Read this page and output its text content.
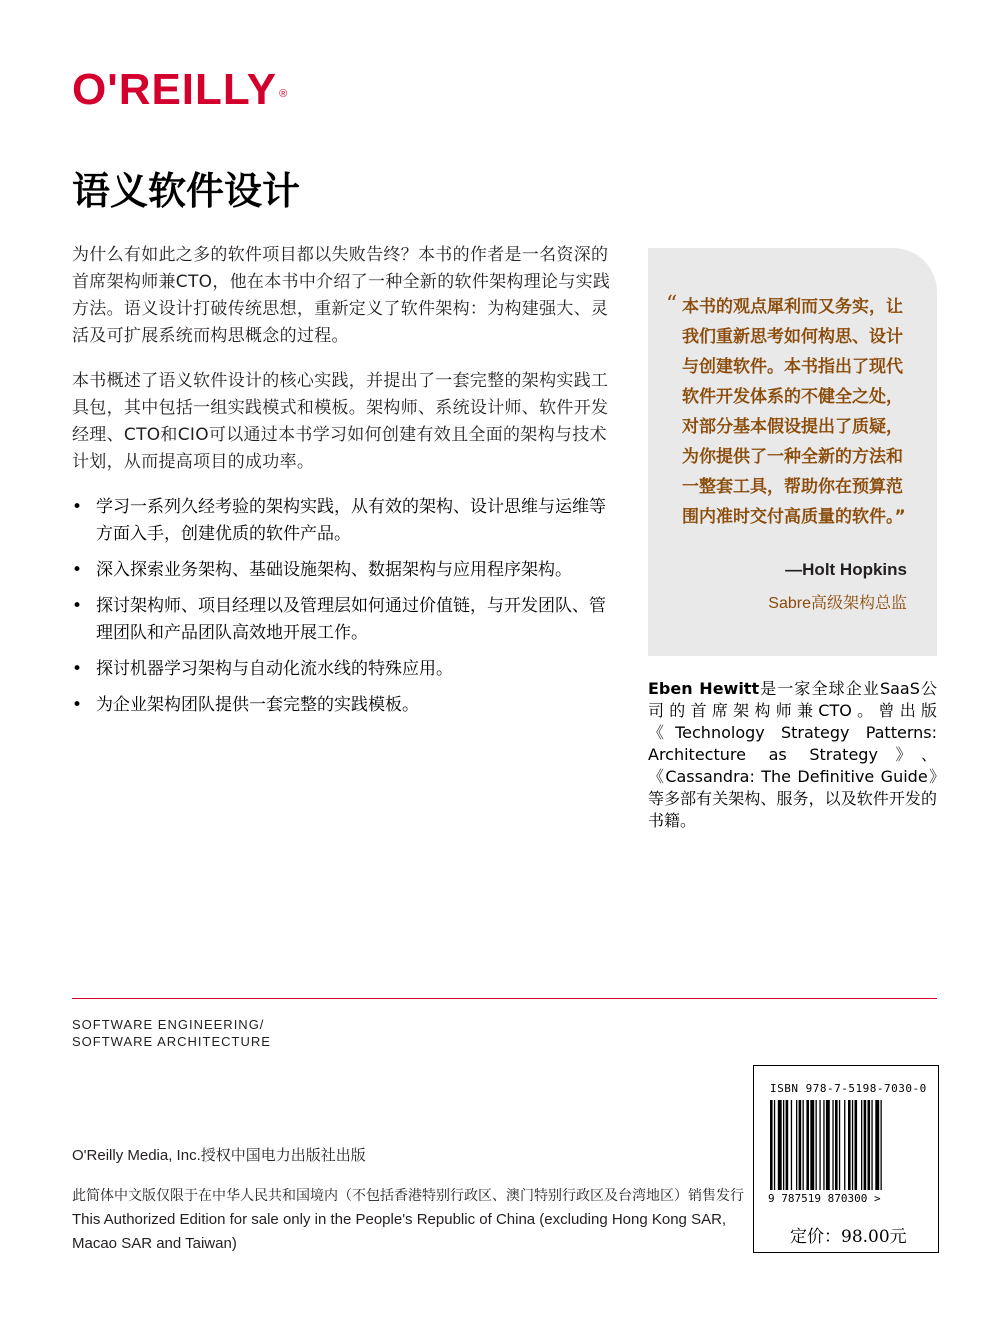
O'REILLY ®
语义软件设计

为什么有如此之多的软件项目都以失败告终？本书的作者是一名资深的首席架构师兼CTO，他在本书中介绍了一种全新的软件架构理论与实践方法。语义设计打破传统思想，重新定义了软件架构：为构建强大、灵活及可扩展系统而构思概念的过程。

本书概述了语义软件设计的核心实践，并提出了一套完整的架构实践工具包，其中包括一组实践模式和模板。架构师、系统设计师、软件开发经理、CTO和CIO可以通过本书学习如何创建有效且全面的架构与技术计划，从而提高项目的成功率。

• 学习一系列久经考验的架构实践，从有效的架构、设计思维与运维等方面入手，创建优质的软件产品。
• 深入探索业务架构、基础设施架构、数据架构与应用程序架构。
• 探讨架构师、项目经理以及管理层如何通过价值链，与开发团队、管理团队和产品团队高效地开展工作。
• 探讨机器学习架构与自动化流水线的特殊应用。
• 为企业架构团队提供一套完整的实践模板。
“ 本书的观点犀利而又务实，让我们重新思考如何构思、设计与创建软件。本书指出了现代软件开发体系的不健全之处，对部分基本假设提出了质疑，为你提供了一种全新的方法和一整套工具，帮助你在预算范围内准时交付高质量的软件。”
—Holt Hopkins
Sabre高级架构总监
Eben Hewitt是一家全球企业SaaS公司的首席架构师兼CTO。曾出版《Technology Strategy Patterns: Architecture as Strategy》、《Cassandra: The Definitive Guide》等多部有关架构、服务，以及软件开发的书籍。
SOFTWARE ENGINEERING/
SOFTWARE ARCHITECTURE
O'Reilly Media, Inc.授权中国电力出版社出版
此简体中文版仅限于在中华人民共和国境内（不包括香港特别行政区、澳门特别行政区及台湾地区）销售发行
This Authorized Edition for sale only in the People's Republic of China (excluding Hong Kong SAR,
Macao SAR and Taiwan)
ISBN 978-7-5198-7030-0
9 787519 870300 >
定价：98.00元
